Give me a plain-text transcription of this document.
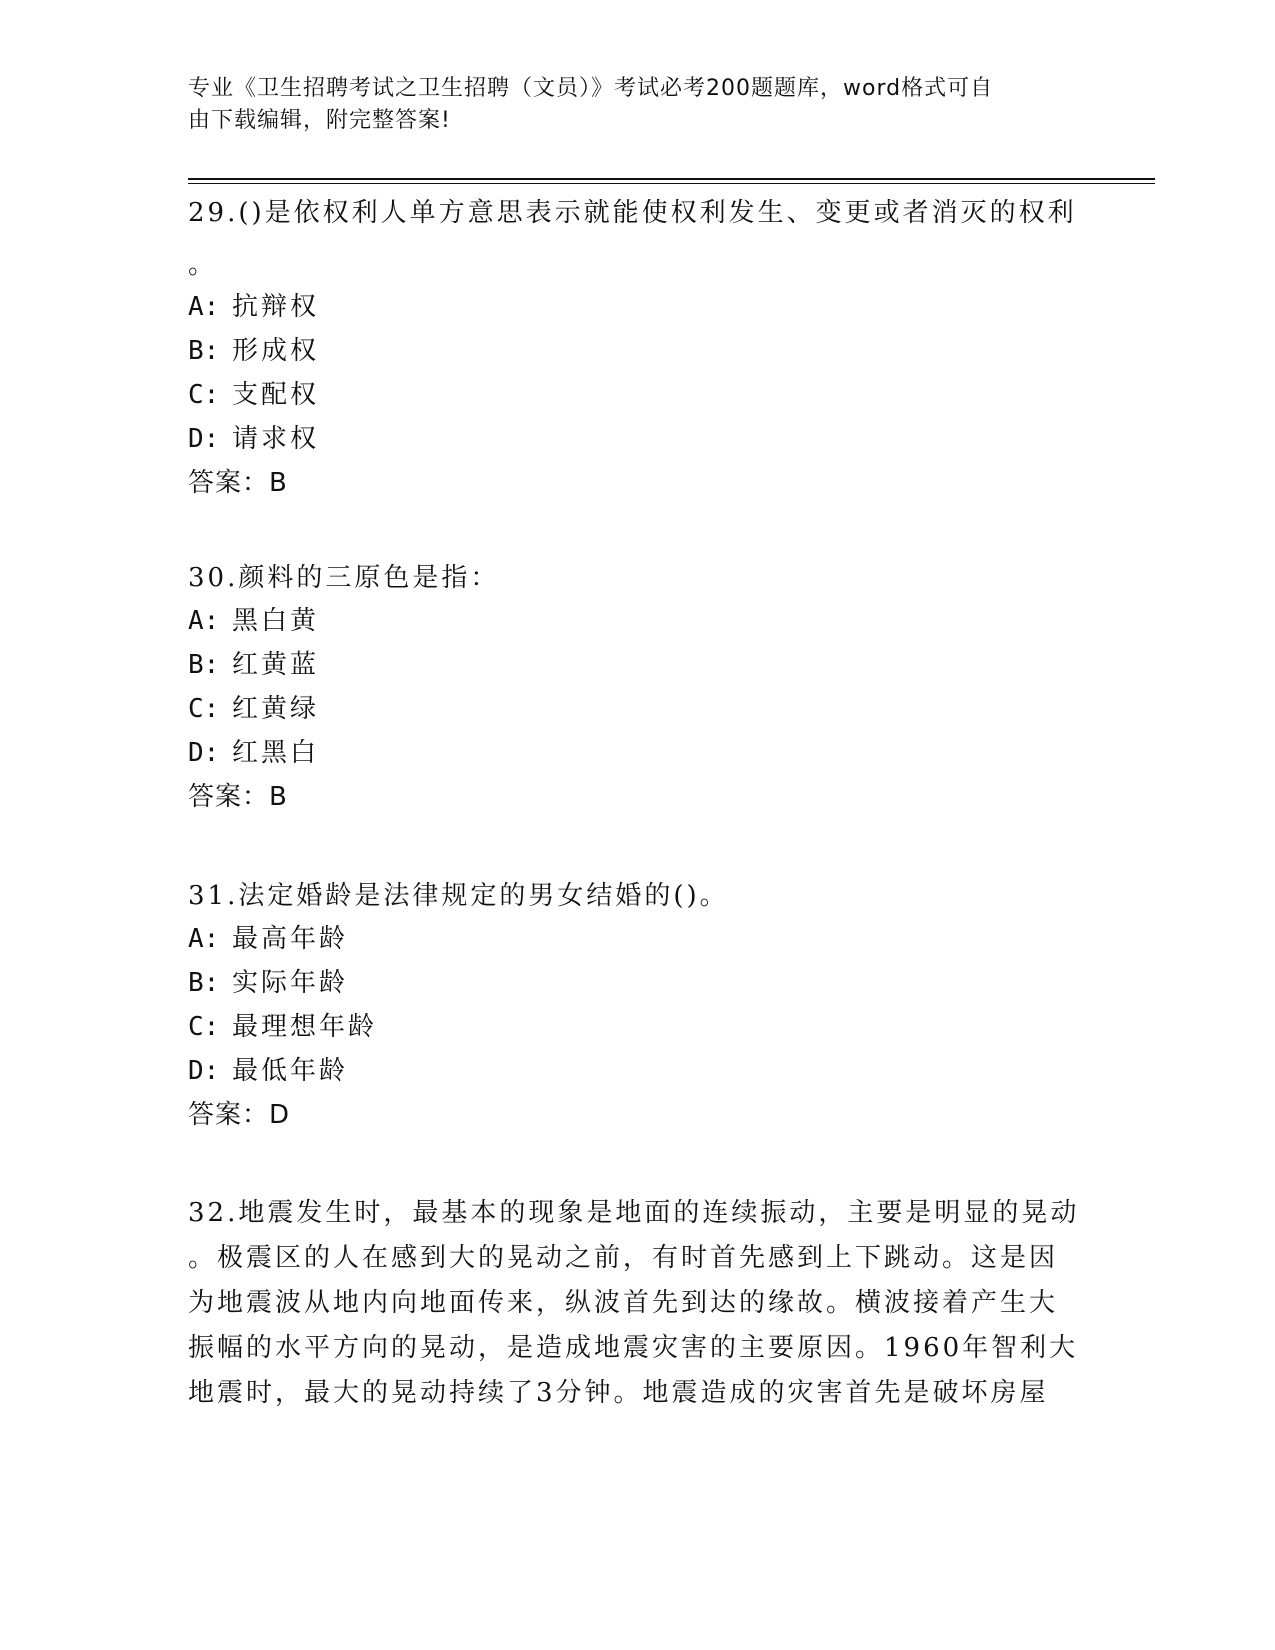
专业《卫生招聘考试之卫生招聘（文员）》考试必考200题题库，word格式可自
由下载编辑，附完整答案!
29.()是依权利人单方意思表示就能使权利发生、变更或者消灭的权利
。
A: 抗辩权
B: 形成权
C: 支配权
D: 请求权
答案：B
30.颜料的三原色是指：
A: 黑白黄
B: 红黄蓝
C: 红黄绿
D: 红黑白
答案：B
31.法定婚龄是法律规定的男女结婚的()。
A: 最高年龄
B: 实际年龄
C: 最理想年龄
D: 最低年龄
答案：D
32.地震发生时，最基本的现象是地面的连续振动，主要是明显的晃动
。极震区的人在感到大的晃动之前，有时首先感到上下跳动。这是因
为地震波从地内向地面传来，纵波首先到达的缘故。横波接着产生大
振幅的水平方向的晃动，是造成地震灾害的主要原因。1960年智利大
地震时，最大的晃动持续了3分钟。地震造成的灾害首先是破坏房屋
